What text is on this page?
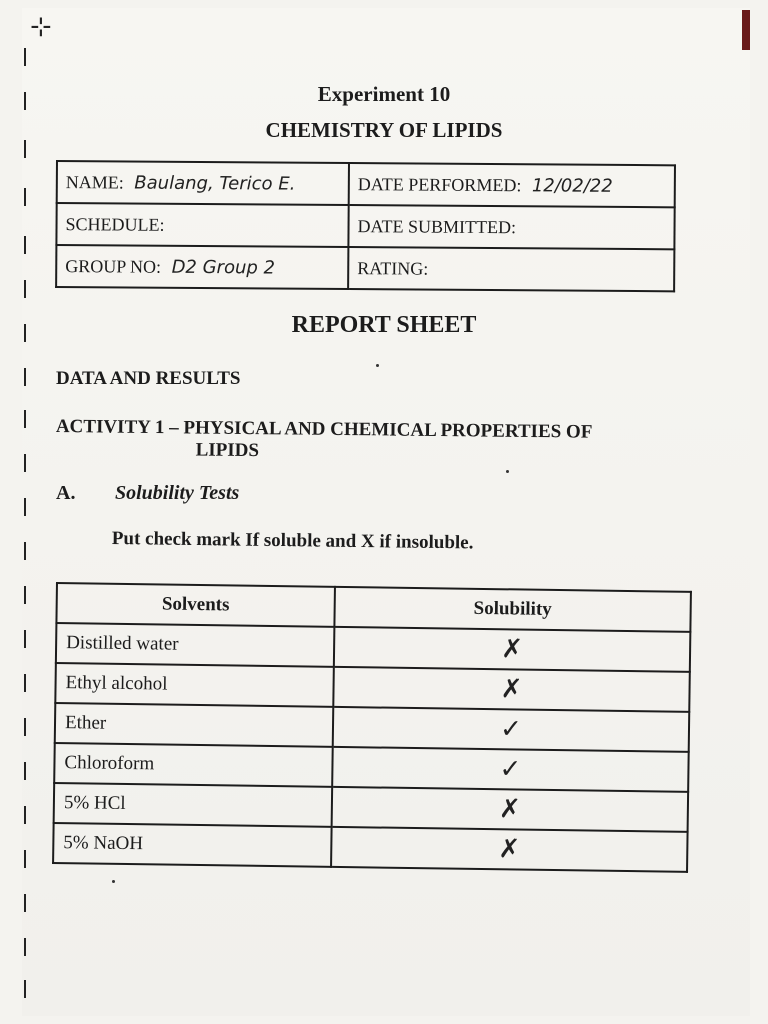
⊹
Experiment 10
CHEMISTRY OF LIPIDS
NAME: Baulang, Terico E.	DATE PERFORMED: 12/02/22
SCHEDULE:	DATE SUBMITTED:
GROUP NO: D2 Group 2	RATING:
REPORT SHEET
DATA AND RESULTS
ACTIVITY 1 – PHYSICAL AND CHEMICAL PROPERTIES OF
LIPIDS
A. Solubility Tests
Put check mark If soluble and X if insoluble.
Solvents	Solubility
Distilled water	✗
Ethyl alcohol	✗
Ether	✓
Chloroform	✓
5% HCl	✗
5% NaOH	✗
